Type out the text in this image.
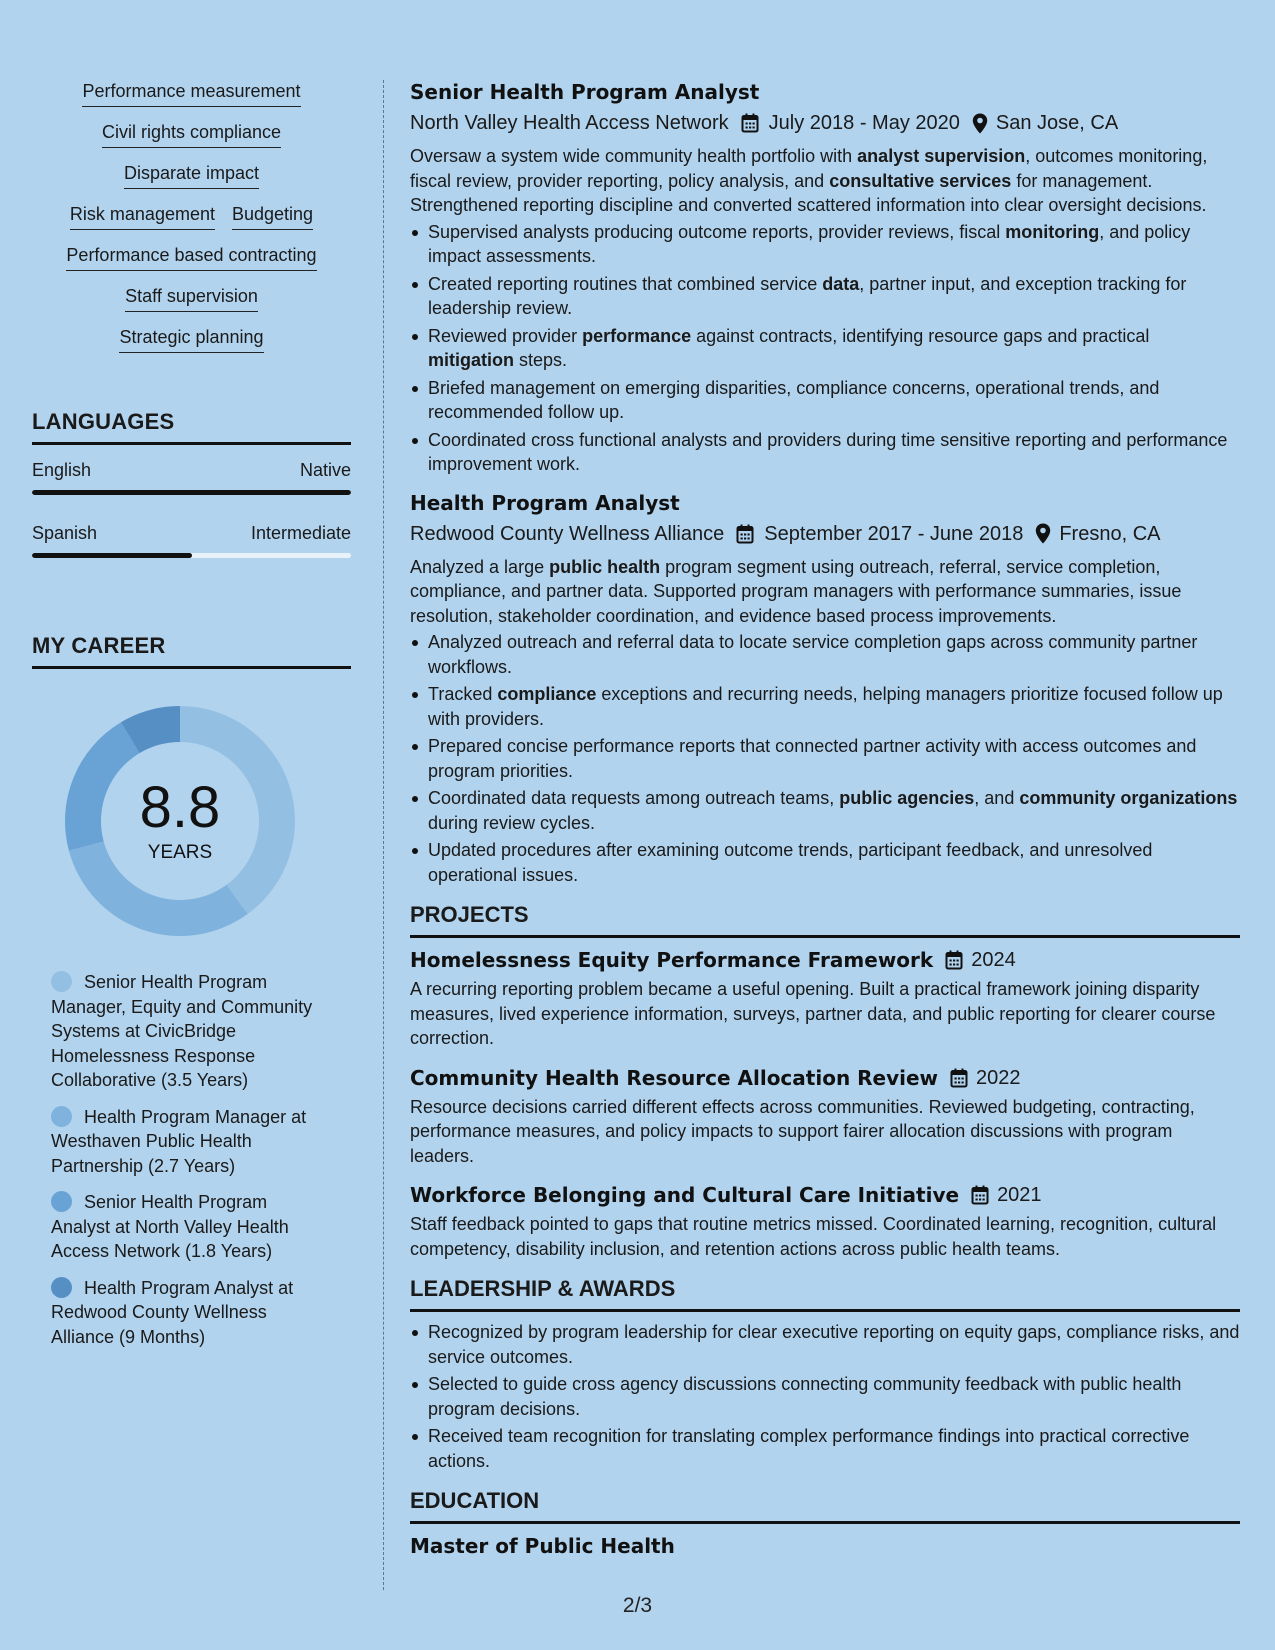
Performance measurement
Civil rights compliance
Disparate impact
Risk management Budgeting
Performance based contracting
Staff supervision
Strategic planning
LANGUAGES
English	Native
Spanish	Intermediate
MY CAREER
8.8
YEARS
Senior Health Program Manager, Equity and Community Systems at CivicBridge Homelessness Response Collaborative (3.5 Years)
Health Program Manager at Westhaven Public Health Partnership (2.7 Years)
Senior Health Program Analyst at North Valley Health Access Network (1.8 Years)
Health Program Analyst at Redwood County Wellness Alliance (9 Months)
Senior Health Program Analyst
North Valley Health Access Network July 2018 - May 2020 San Jose, CA
Oversaw a system wide community health portfolio with analyst supervision, outcomes monitoring, fiscal review, provider reporting, policy analysis, and consultative services for management. Strengthened reporting discipline and converted scattered information into clear oversight decisions.
Supervised analysts producing outcome reports, provider reviews, fiscal monitoring, and policy impact assessments.
Created reporting routines that combined service data, partner input, and exception tracking for leadership review.
Reviewed provider performance against contracts, identifying resource gaps and practical mitigation steps.
Briefed management on emerging disparities, compliance concerns, operational trends, and recommended follow up.
Coordinated cross functional analysts and providers during time sensitive reporting and performance improvement work.
Health Program Analyst
Redwood County Wellness Alliance September 2017 - June 2018 Fresno, CA
Analyzed a large public health program segment using outreach, referral, service completion, compliance, and partner data. Supported program managers with performance summaries, issue resolution, stakeholder coordination, and evidence based process improvements.
Analyzed outreach and referral data to locate service completion gaps across community partner workflows.
Tracked compliance exceptions and recurring needs, helping managers prioritize focused follow up with providers.
Prepared concise performance reports that connected partner activity with access outcomes and program priorities.
Coordinated data requests among outreach teams, public agencies, and community organizations during review cycles.
Updated procedures after examining outcome trends, participant feedback, and unresolved operational issues.
PROJECTS
Homelessness Equity Performance Framework 2024
A recurring reporting problem became a useful opening. Built a practical framework joining disparity measures, lived experience information, surveys, partner data, and public reporting for clearer course correction.
Community Health Resource Allocation Review 2022
Resource decisions carried different effects across communities. Reviewed budgeting, contracting, performance measures, and policy impacts to support fairer allocation discussions with program leaders.
Workforce Belonging and Cultural Care Initiative 2021
Staff feedback pointed to gaps that routine metrics missed. Coordinated learning, recognition, cultural competency, disability inclusion, and retention actions across public health teams.
LEADERSHIP & AWARDS
Recognized by program leadership for clear executive reporting on equity gaps, compliance risks, and service outcomes.
Selected to guide cross agency discussions connecting community feedback with public health program decisions.
Received team recognition for translating complex performance findings into practical corrective actions.
EDUCATION
Master of Public Health
2/3
